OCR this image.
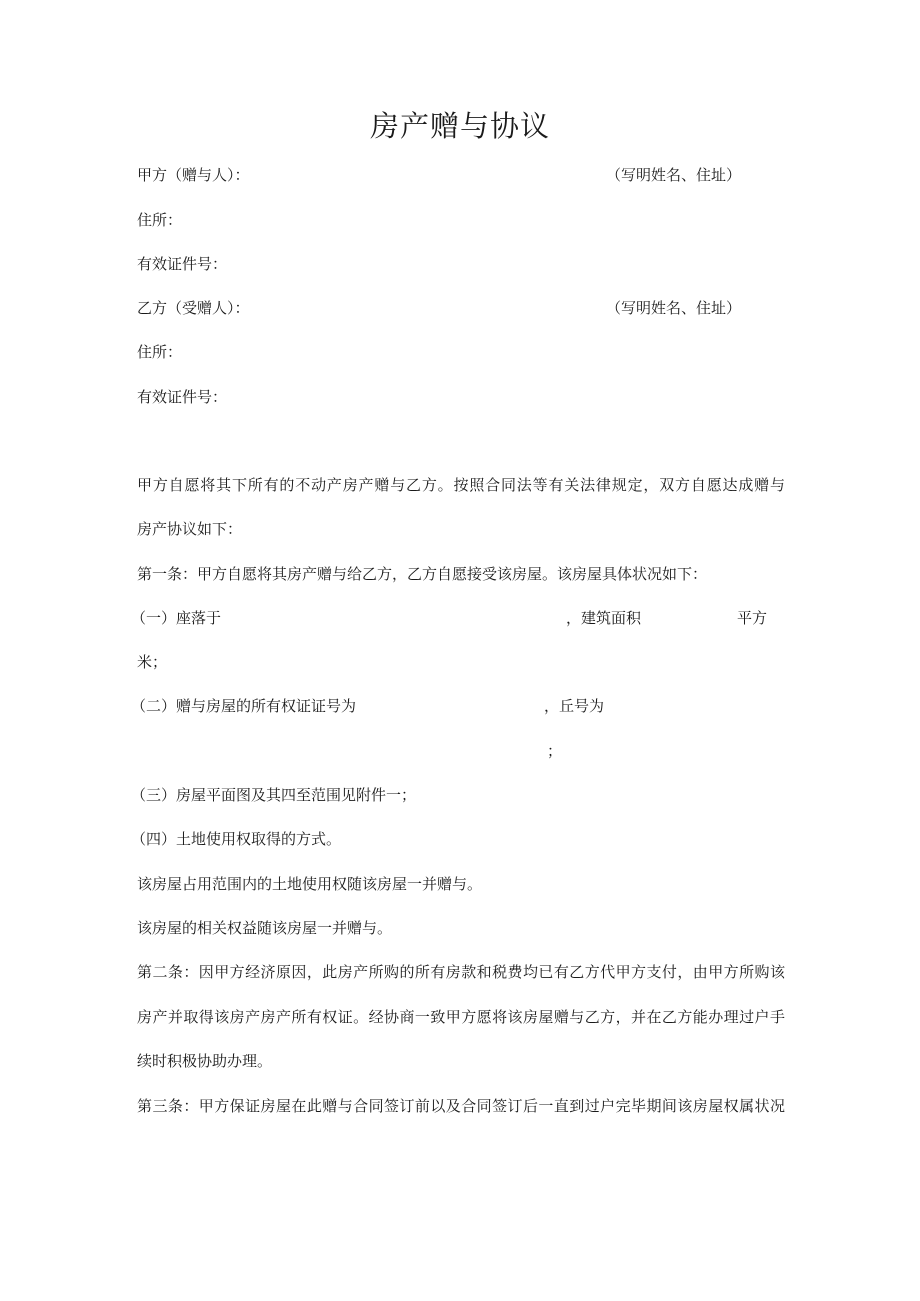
房产赠与协议
甲方（赠与人）：	（写明姓名、住址）
住所：
有效证件号：
乙方（受赠人）：	（写明姓名、住址）
住所：
有效证件号：
甲方自愿将其下所有的不动产房产赠与乙方。按照合同法等有关法律规定，双方自愿达成赠与
房产协议如下：
第一条：甲方自愿将其房产赠与给乙方，乙方自愿接受该房屋。该房屋具体状况如下：
（一）座落于	，建筑面积	平方
米；
（二）赠与房屋的所有权证证号为	，丘号为
；
（三）房屋平面图及其四至范围见附件一；
（四）土地使用权取得的方式。
该房屋占用范围内的土地使用权随该房屋一并赠与。
该房屋的相关权益随该房屋一并赠与。
第二条：因甲方经济原因，此房产所购的所有房款和税费均已有乙方代甲方支付，由甲方所购该
房产并取得该房产房产所有权证。经协商一致甲方愿将该房屋赠与乙方，并在乙方能办理过户手
续时积极协助办理。
第三条：甲方保证房屋在此赠与合同签订前以及合同签订后一直到过户完毕期间该房屋权属状况
